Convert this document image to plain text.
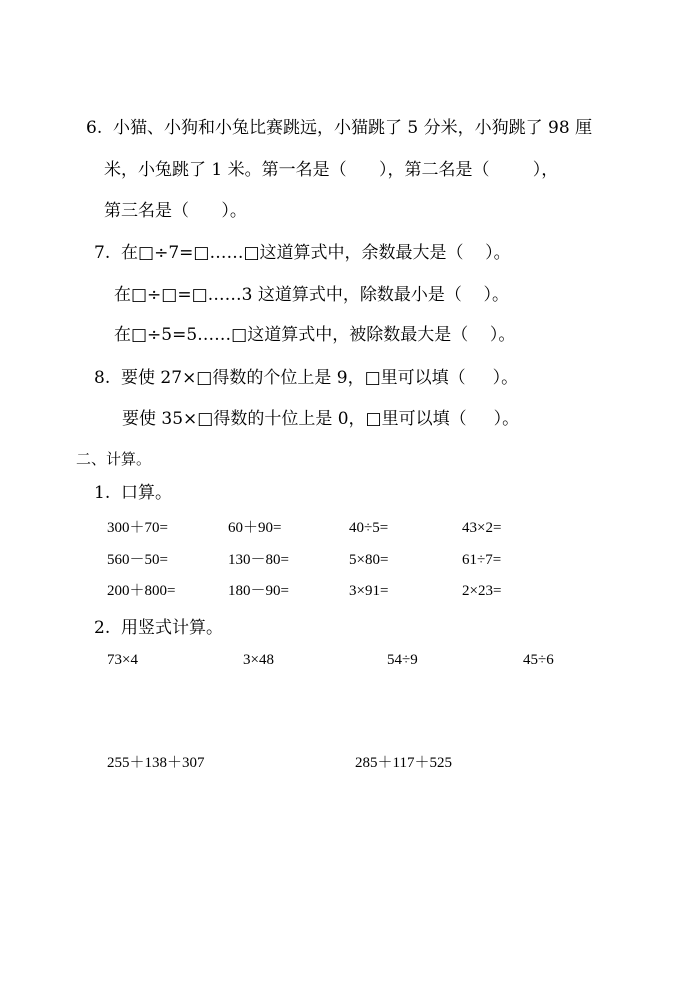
6.  小猫、小狗和小兔比赛跳远，小猫跳了 5 分米，小狗跳了 98 厘
米，小兔跳了 1 米。第一名是（      ），第二名是（        ），
第三名是（      ）。
7.  在□÷7=□……□这道算式中，余数最大是（    ）。
在□÷□=□……3 这道算式中，除数最小是（    ）。
在□÷5=5……□这道算式中，被除数最大是（    ）。
8.  要使 27×□得数的个位上是 9，□里可以填（     ）。
要使 35×□得数的十位上是 0，□里可以填（     ）。
二、计算。
1.  口算。
300＋70=	60＋90=	40÷5=	43×2=
560－50=	130－80=	5×80=	61÷7=
200＋800=	180－90=	3×91=	2×23=
2.  用竖式计算。
73×4	3×48	54÷9	45÷6
255＋138＋307	285＋117＋525
